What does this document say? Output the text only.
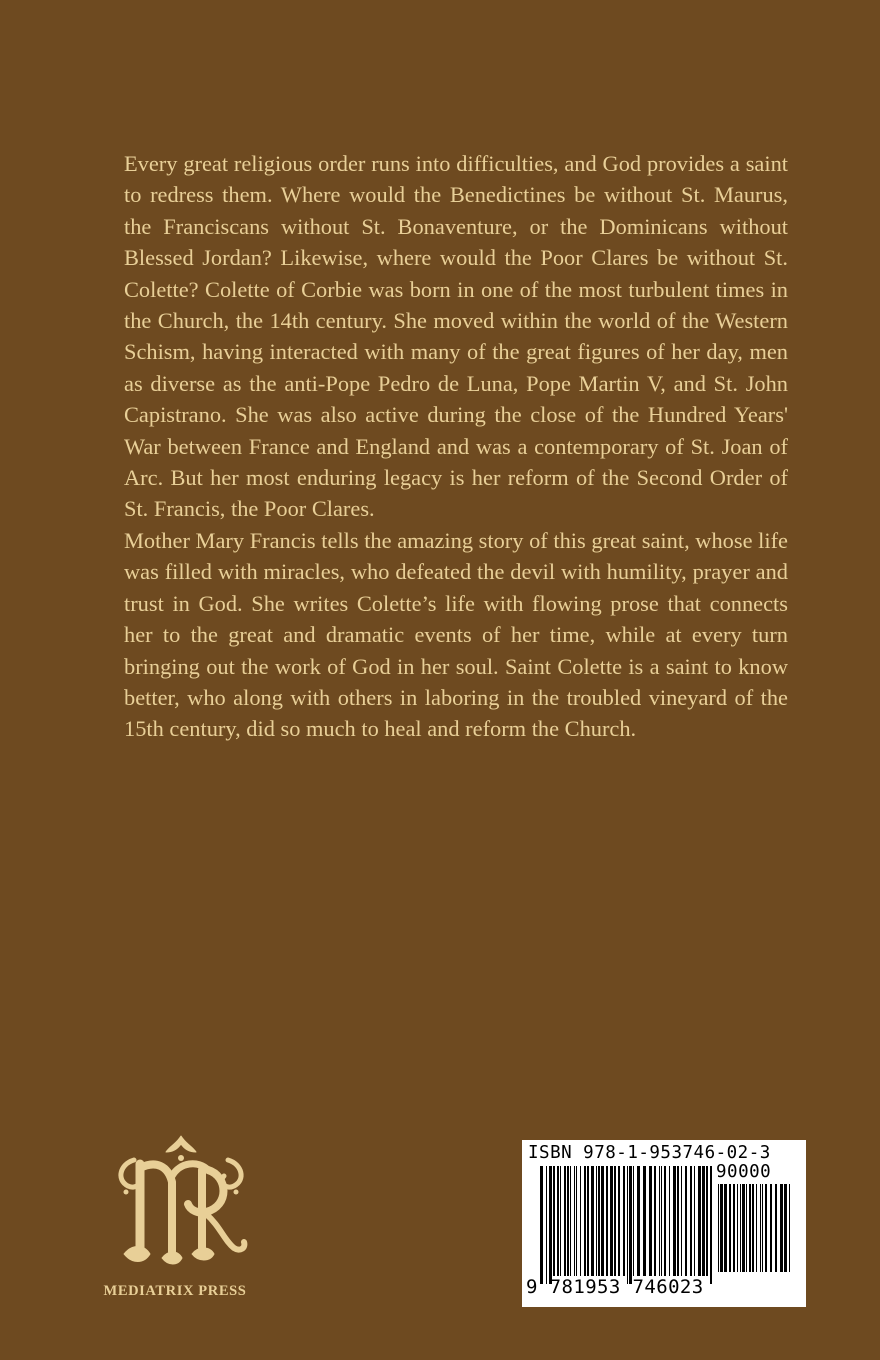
Every great religious order runs into difficulties, and God provides a saint to redress them. Where would the Benedictines be without St. Maurus, the Franciscans without St. Bonaventure, or the Dominicans without Blessed Jordan? Likewise, where would the Poor Clares be without St. Colette? Colette of Corbie was born in one of the most turbulent times in the Church, the 14th century. She moved within the world of the Western Schism, having interacted with many of the great figures of her day, men as diverse as the anti-Pope Pedro de Luna, Pope Martin V, and St. John Capistrano. She was also active during the close of the Hundred Years' War between France and England and was a contemporary of St. Joan of Arc. But her most enduring legacy is her reform of the Second Order of St. Francis, the Poor Clares.

Mother Mary Francis tells the amazing story of this great saint, whose life was filled with miracles, who defeated the devil with humility, prayer and trust in God. She writes Colette’s life with flowing prose that connects her to the great and dramatic events of her time, while at every turn bringing out the work of God in her soul. Saint Colette is a saint to know better, who along with others in laboring in the troubled vineyard of the 15th century, did so much to heal and reform the Church.

MEDIATRIX PRESS
ISBN 978-1-953746-02-3
90000
9 781953 746023
